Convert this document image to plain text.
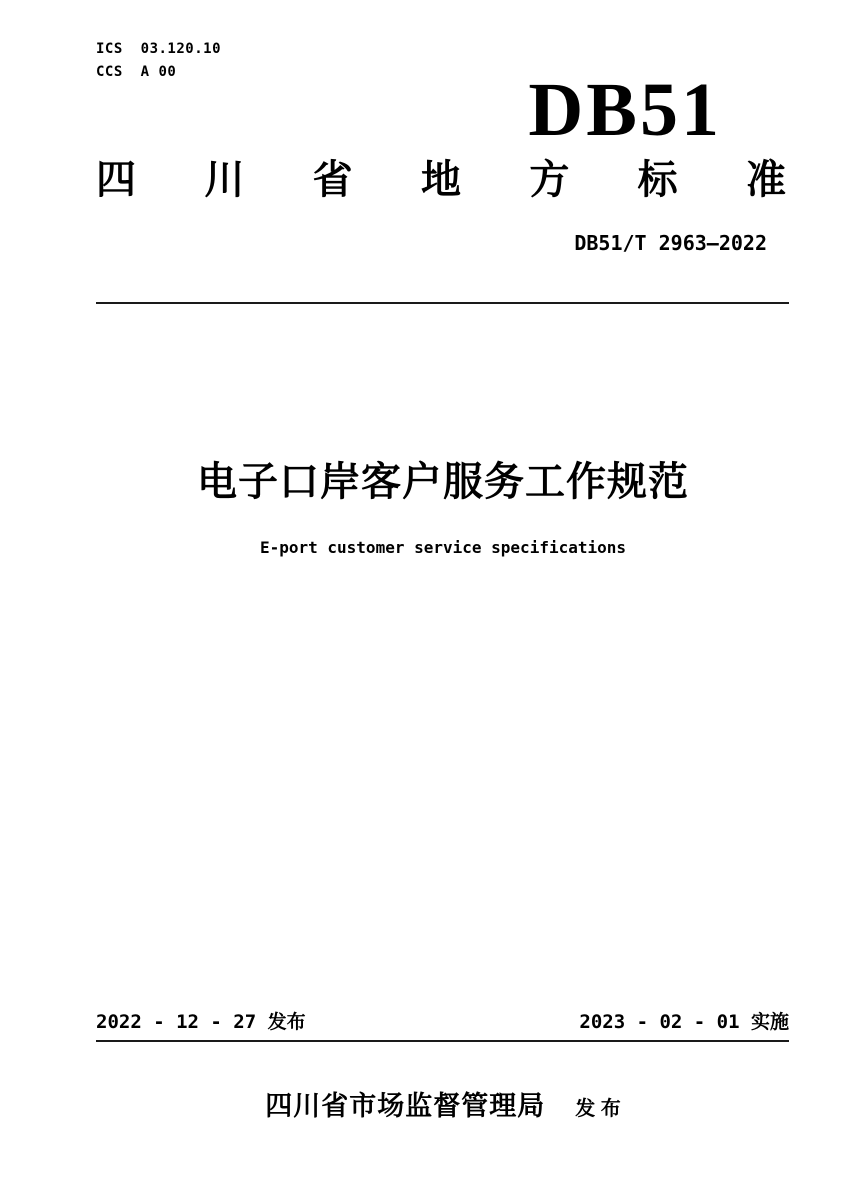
ICS  03.120.10
CCS  A 00	DB51
四 川 省 地 方 标 准
DB51/T 2963—2022
电子口岸客户服务工作规范
E-port customer service specifications
2022 - 12 - 27 发布	2023 - 02 - 01 实施
四川省市场监督管理局 发 布
